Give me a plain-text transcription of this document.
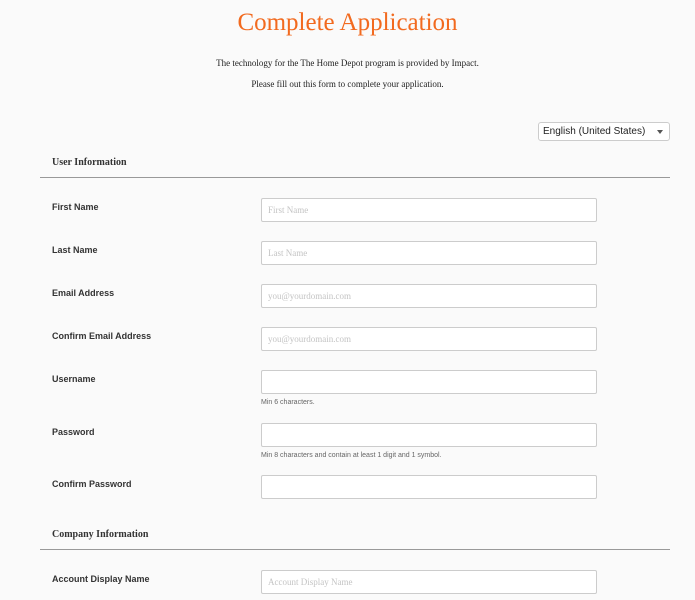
Complete Application
The technology for the The Home Depot program is provided by Impact.
Please fill out this form to complete your application.
English (United States)
User Information
First Name
First Name
Last Name
Last Name
Email Address
you@yourdomain.com
Confirm Email Address
you@yourdomain.com
Username
Min 6 characters.
Password
Min 8 characters and contain at least 1 digit and 1 symbol.
Confirm Password
Company Information
Account Display Name
Account Display Name
